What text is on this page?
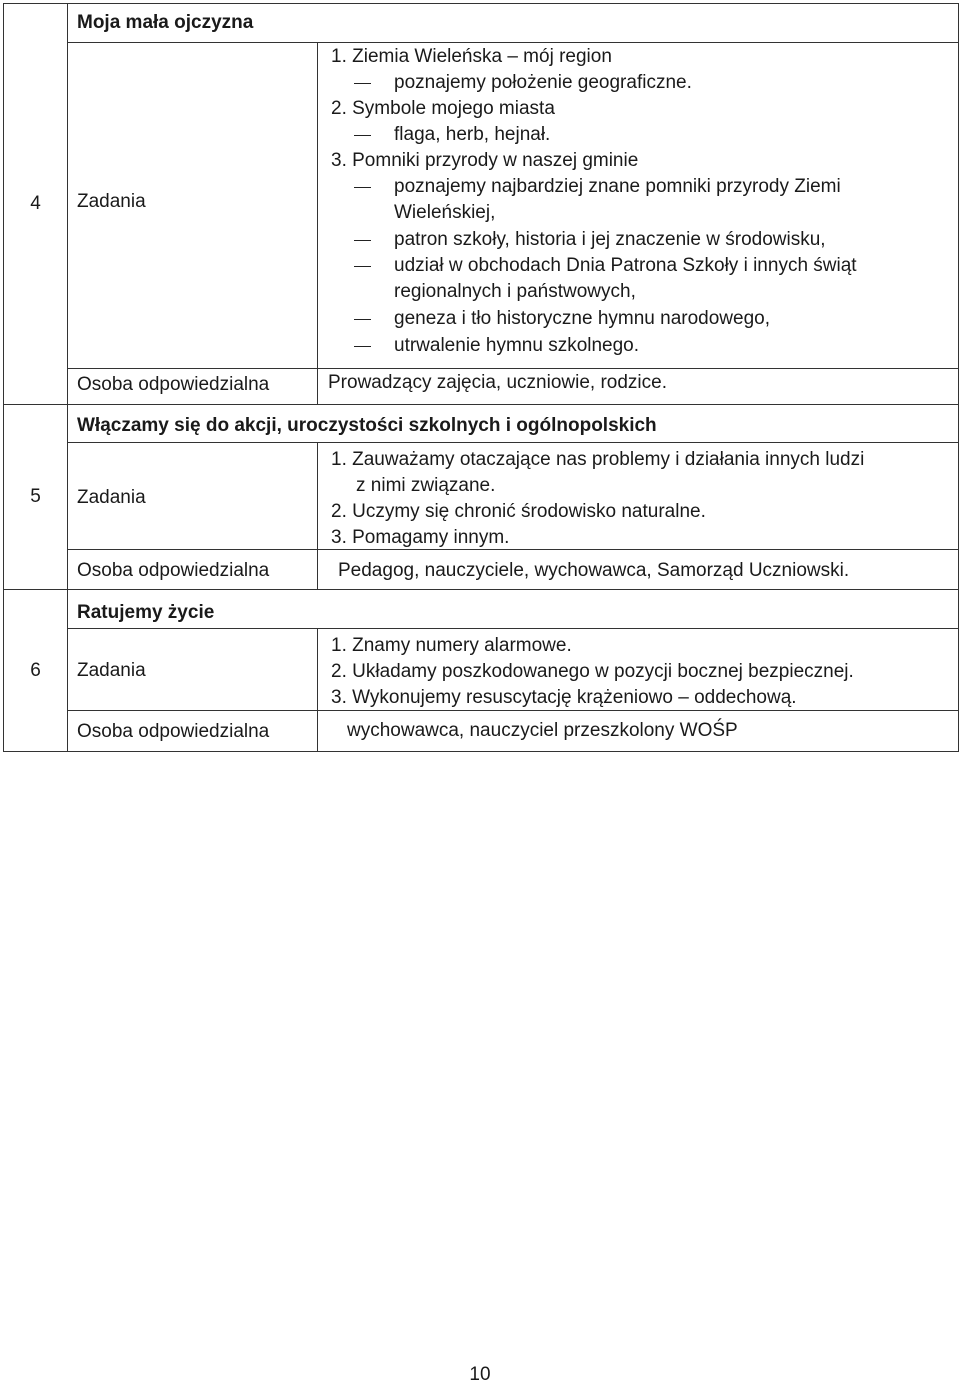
4
Moja mała ojczyzna
Zadania
Osoba odpowiedzialna
1. Ziemia Wieleńska – mój region
poznajemy położenie geograficzne.
2. Symbole mojego miasta
flaga, herb, hejnał.
3. Pomniki przyrody w naszej gminie
poznajemy najbardziej znane pomniki przyrody Ziemi
Wieleńskiej,
patron szkoły, historia i jej znaczenie w środowisku,
udział w obchodach Dnia Patrona Szkoły i innych świąt
regionalnych i państwowych,
geneza i tło historyczne hymnu narodowego,
utrwalenie hymnu szkolnego.
Prowadzący zajęcia, uczniowie, rodzice.
5
Włączamy się do akcji, uroczystości szkolnych i ogólnopolskich
Zadania
Osoba odpowiedzialna
1. Zauważamy otaczające nas problemy i działania innych ludzi
z nimi związane.
2. Uczymy się chronić środowisko naturalne.
3. Pomagamy innym.
Pedagog, nauczyciele, wychowawca, Samorząd Uczniowski.
6
Ratujemy życie
Zadania
Osoba odpowiedzialna
1. Znamy numery alarmowe.
2. Układamy poszkodowanego w pozycji bocznej bezpiecznej.
3. Wykonujemy resuscytację krążeniowo – oddechową.
wychowawca, nauczyciel przeszkolony WOŚP
10
